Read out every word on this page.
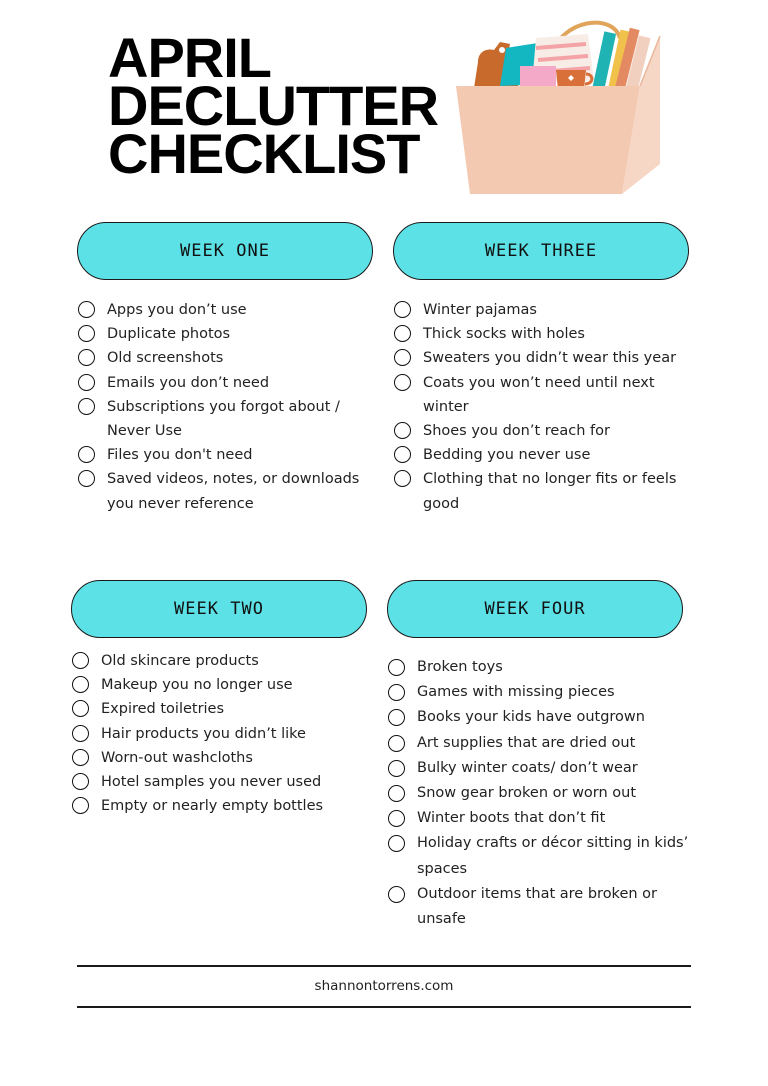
APRIL
DECLUTTER
CHECKLIST
WEEK ONE	WEEK THREE
WEEK TWO	WEEK FOUR
Apps you don’t use
Duplicate photos
Old screenshots
Emails you don’t need
Subscriptions you forgot about / Never Use
Files you don't need
Saved videos, notes, or downloads you never reference
Winter pajamas
Thick socks with holes
Sweaters you didn’t wear this year
Coats you won’t need until next winter
Shoes you don’t reach for
Bedding you never use
Clothing that no longer fits or feels good
Old skincare products
Makeup you no longer use
Expired toiletries
Hair products you didn’t like
Worn-out washcloths
Hotel samples you never used
Empty or nearly empty bottles
Broken toys
Games with missing pieces
Books your kids have outgrown
Art supplies that are dried out
Bulky winter coats/ don’t wear
Snow gear broken or worn out
Winter boots that don’t fit
Holiday crafts or décor sitting in kids’ spaces
Outdoor items that are broken or unsafe
shannontorrens.com
